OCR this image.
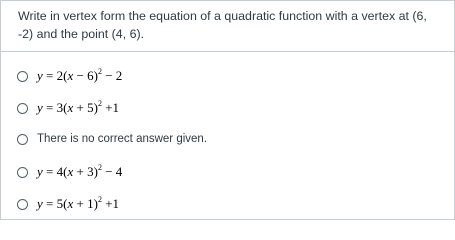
Write in vertex form the equation of a quadratic function with a vertex at (6, -2) and the point (4, 6).

$y = 2(x - 6)^2 - 2$
$y = 3(x + 5)^2 +1$
There is no correct answer given.
$y = 4(x + 3)^2 - 4$
$y = 5(x + 1)^2 +1$
